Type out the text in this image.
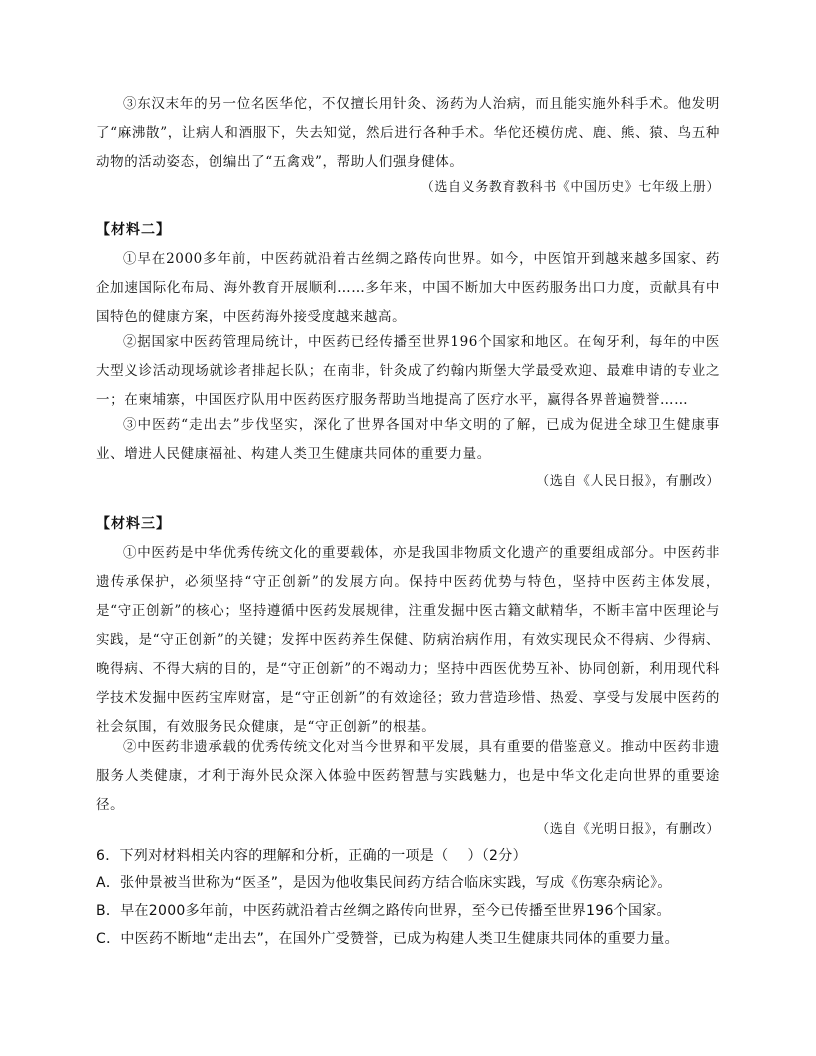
③东汉末年的另一位名医华佗，不仅擅长用针灸、汤药为人治病，而且能实施外科手术。他发明了“麻沸散”，让病人和酒服下，失去知觉，然后进行各种手术。华佗还模仿虎、鹿、熊、猿、鸟五种动物的活动姿态，创编出了“五禽戏”，帮助人们强身健体。
（选自义务教育教科书《中国历史》七年级上册）
【材料二】
①早在2000多年前，中医药就沿着古丝绸之路传向世界。如今，中医馆开到越来越多国家、药企加速国际化布局、海外教育开展顺利……多年来，中国不断加大中医药服务出口力度，贡献具有中国特色的健康方案，中医药海外接受度越来越高。
②据国家中医药管理局统计，中医药已经传播至世界196个国家和地区。在匈牙利，每年的中医大型义诊活动现场就诊者排起长队；在南非，针灸成了约翰内斯堡大学最受欢迎、最难申请的专业之一；在柬埔寨，中国医疗队用中医药医疗服务帮助当地提高了医疗水平，赢得各界普遍赞誉……
③中医药“走出去”步伐坚实，深化了世界各国对中华文明的了解，已成为促进全球卫生健康事业、增进人民健康福祉、构建人类卫生健康共同体的重要力量。
（选自《人民日报》，有删改）
【材料三】
①中医药是中华优秀传统文化的重要载体，亦是我国非物质文化遗产的重要组成部分。中医药非遗传承保护，必须坚持“守正创新”的发展方向。保持中医药优势与特色，坚持中医药主体发展，是“守正创新”的核心；坚持遵循中医药发展规律，注重发掘中医古籍文献精华，不断丰富中医理论与实践，是“守正创新”的关键；发挥中医药养生保健、防病治病作用，有效实现民众不得病、少得病、晚得病、不得大病的目的，是“守正创新”的不竭动力；坚持中西医优势互补、协同创新，利用现代科学技术发掘中医药宝库财富，是“守正创新”的有效途径；致力营造珍惜、热爱、享受与发展中医药的社会氛围，有效服务民众健康，是“守正创新”的根基。
②中医药非遗承载的优秀传统文化对当今世界和平发展，具有重要的借鉴意义。推动中医药非遗服务人类健康，才利于海外民众深入体验中医药智慧与实践魅力，也是中华文化走向世界的重要途径。
（选自《光明日报》，有删改）
6．下列对材料相关内容的理解和分析，正确的一项是（　 ）（2分）
A．张仲景被当世称为“医圣”，是因为他收集民间药方结合临床实践，写成《伤寒杂病论》。
B．早在2000多年前，中医药就沿着古丝绸之路传向世界，至今已传播至世界196个国家。
C．中医药不断地“走出去”，在国外广受赞誉，已成为构建人类卫生健康共同体的重要力量。
